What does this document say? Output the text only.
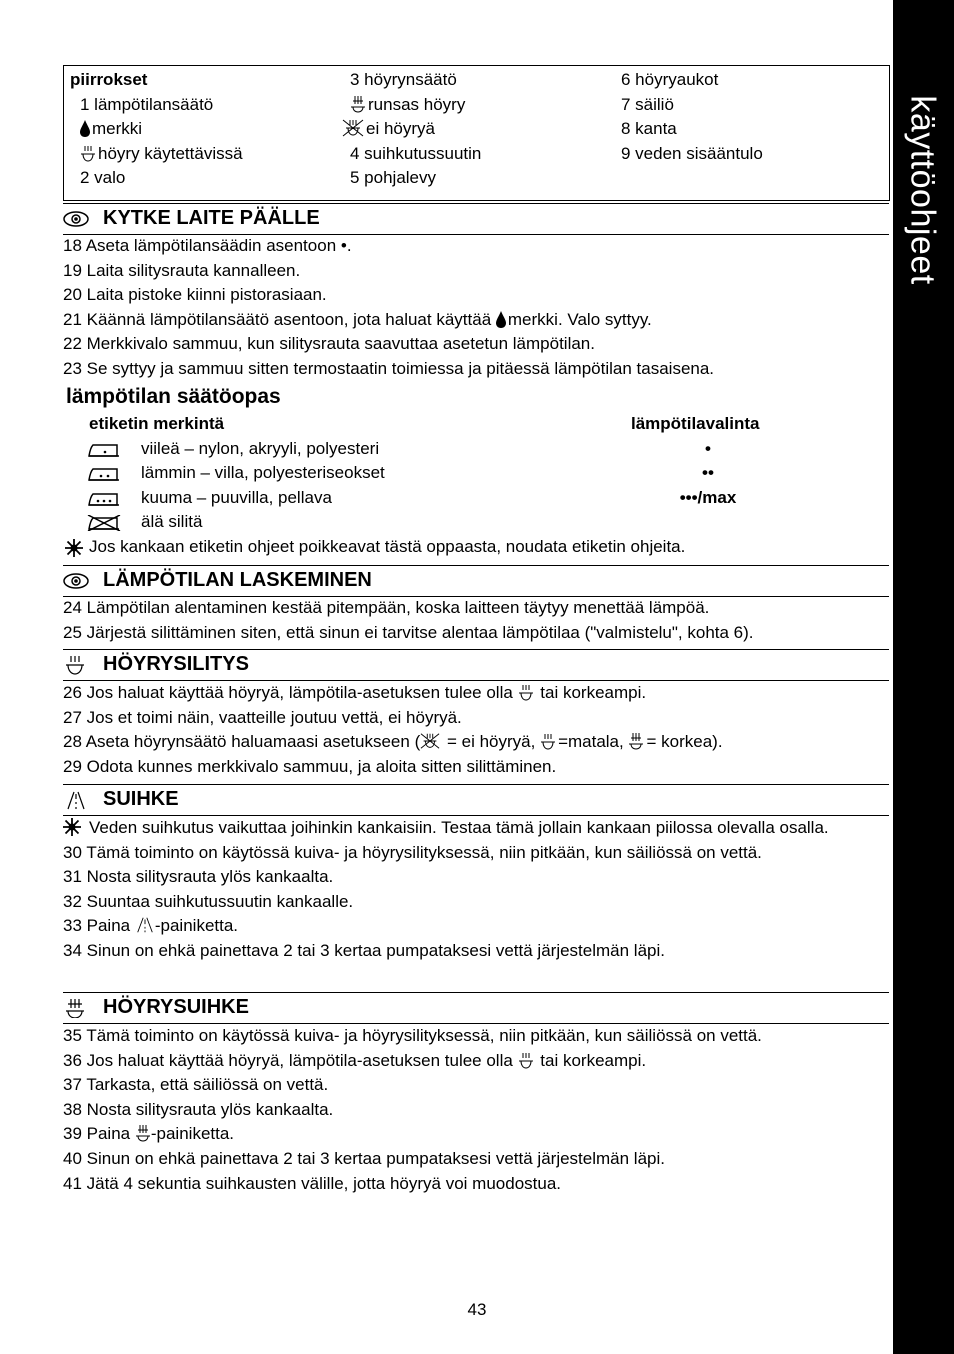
käyttöohjeet
piirrokset
1 lämpötilansäätö
merkki
höyry käytettävissä
2 valo
3 höyrynsäätö
runsas höyry
ei höyryä
4 suihkutussuutin
5 pohjalevy
6 höyryaukot
7 säiliö
8 kanta
9 veden sisääntulo
KYTKE LAITE PÄÄLLE
18 Aseta lämpötilansäädin asentoon •.
19 Laita silitysrauta kannalleen.
20 Laita pistoke kiinni pistorasiaan.
21 Käännä lämpötilansäätö asentoon, jota haluat käyttää merkki. Valo syttyy.
22 Merkkivalo sammuu, kun silitysrauta saavuttaa asetetun lämpötilan.
23 Se syttyy ja sammuu sitten termostaatin toimiessa ja pitäessä lämpötilan tasaisena.
lämpötilan säätöopas
etiketin merkintä	lämpötilavalinta
viileä – nylon, akryyli, polyesteri	•
lämmin – villa, polyesteriseokset	••
kuuma – puuvilla, pellava	•••/max
älä silitä
Jos kankaan etiketin ohjeet poikkeavat tästä oppaasta, noudata etiketin ohjeita.
LÄMPÖTILAN LASKEMINEN
24 Lämpötilan alentaminen kestää pitempään, koska laitteen täytyy menettää lämpöä.
25 Järjestä silittäminen siten, että sinun ei tarvitse alentaa lämpötilaa ("valmistelu", kohta 6).
HÖYRYSILITYS
26 Jos haluat käyttää höyryä, lämpötila-asetuksen tulee olla tai korkeampi.
27 Jos et toimi näin, vaatteille joutuu vettä, ei höyryä.
28 Aseta höyrynsäätö haluamaasi asetukseen ( = ei höyryä, =matala, = korkea).
29 Odota kunnes merkkivalo sammuu, ja aloita sitten silittäminen.
SUIHKE
Veden suihkutus vaikuttaa joihinkin kankaisiin. Testaa tämä jollain kankaan piilossa olevalla osalla.
30 Tämä toiminto on käytössä kuiva- ja höyrysilityksessä, niin pitkään, kun säiliössä on vettä.
31 Nosta silitysrauta ylös kankaalta.
32 Suuntaa suihkutussuutin kankaalle.
33 Paina -painiketta.
34 Sinun on ehkä painettava 2 tai 3 kertaa pumpataksesi vettä järjestelmän läpi.
HÖYRYSUIHKE
35 Tämä toiminto on käytössä kuiva- ja höyrysilityksessä, niin pitkään, kun säiliössä on vettä.
36 Jos haluat käyttää höyryä, lämpötila-asetuksen tulee olla tai korkeampi.
37 Tarkasta, että säiliössä on vettä.
38 Nosta silitysrauta ylös kankaalta.
39 Paina -painiketta.
40 Sinun on ehkä painettava 2 tai 3 kertaa pumpataksesi vettä järjestelmän läpi.
41 Jätä 4 sekuntia suihkausten välille, jotta höyryä voi muodostua.
43
